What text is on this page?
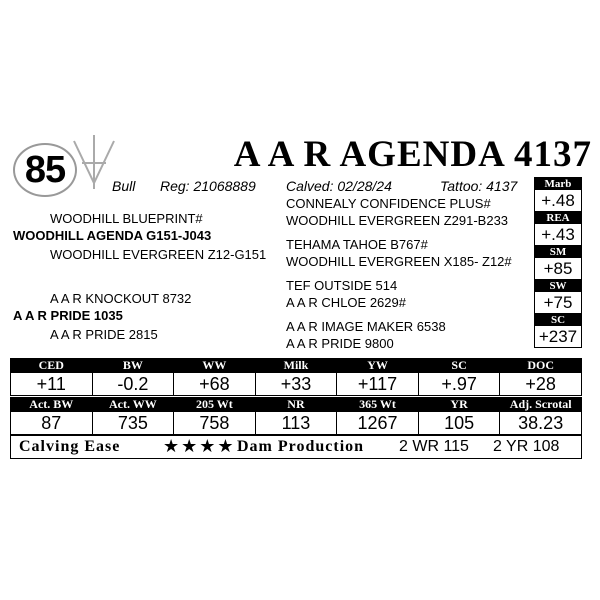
85	A A R AGENDA 4137
Bull Reg: 21068889 Calved: 02/28/24	Tattoo: 4137
WOODHILL BLUEPRINT#
WOODHILL AGENDA G151-J043
WOODHILL EVERGREEN Z12-G151
CONNEALY CONFIDENCE PLUS#
WOODHILL EVERGREEN Z291-B233
TEHAMA TAHOE B767#
WOODHILL EVERGREEN X185- Z12#
A A R KNOCKOUT 8732
A A R PRIDE 1035
A A R PRIDE 2815
TEF OUTSIDE 514
A A R CHLOE 2629#
A A R IMAGE MAKER 6538
A A R PRIDE 9800
Marb
+.48
REA
+.43
SM
+85
SW
+75
SC
+237
CED	BW	WW	Milk	YW	SC	DOC
+11	-0.2	+68	+33	+117	+.97	+28
Act. BW	Act. WW	205 Wt	NR	365 Wt	YR	Adj. Scrotal
87	735	758	113	1267	105	38.23
Calving Ease ★★★★ Dam Production 2 WR 115 2 YR 108
